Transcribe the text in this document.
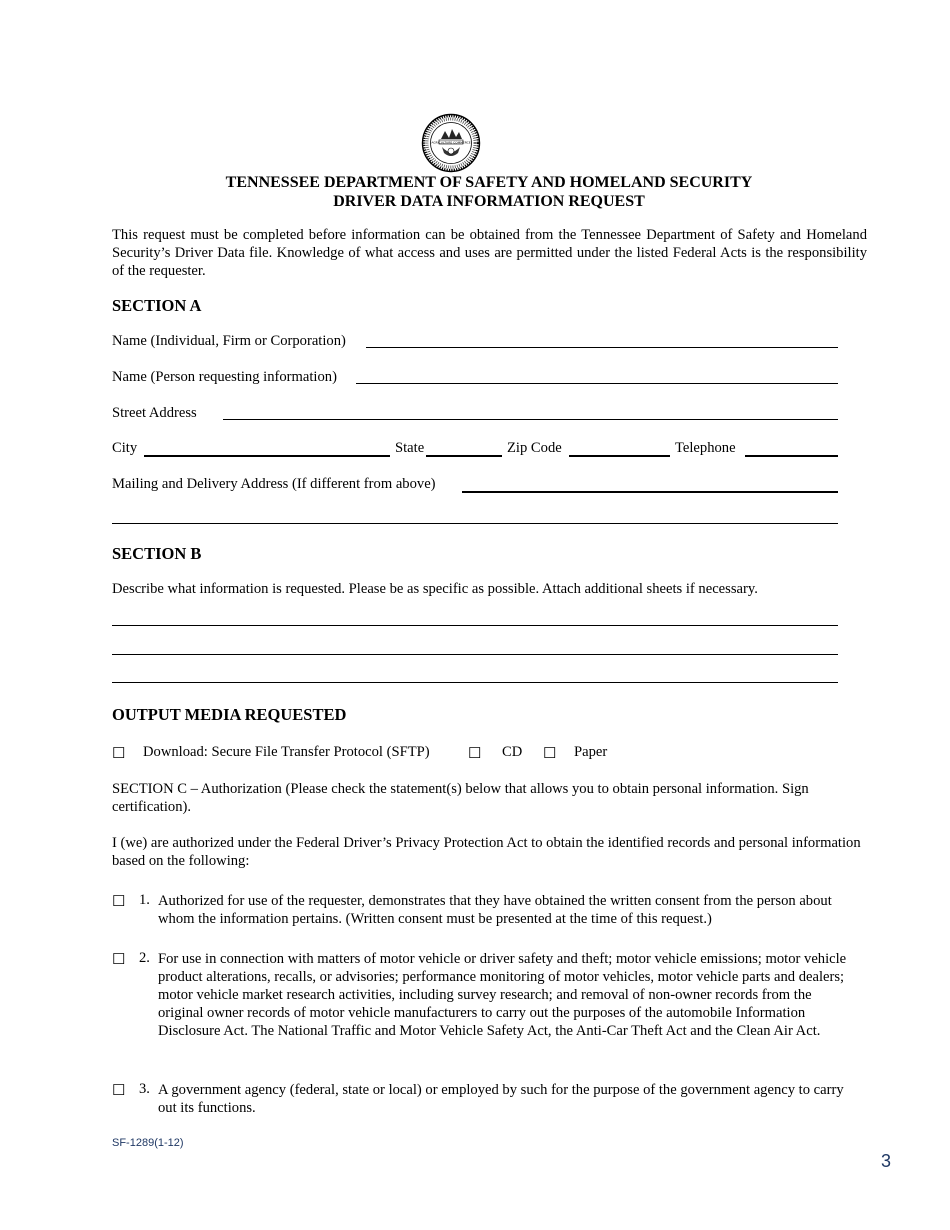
AGRICULTURE COMMERCE
TENNESSEE DEPARTMENT OF SAFETY AND HOMELAND SECURITY
DRIVER DATA INFORMATION REQUEST
This request must be completed before information can be obtained from the Tennessee Department of Safety and Homeland Security’s Driver Data file. Knowledge of what access and uses are permitted under the listed Federal Acts is the responsibility of the requester.
SECTION A
Name (Individual, Firm or Corporation)
Name (Person requesting information)
Street Address
City	State	Zip Code	Telephone
Mailing and Delivery Address (If different from above)
SECTION B
Describe what information is requested. Please be as specific as possible. Attach additional sheets if necessary.
OUTPUT MEDIA REQUESTED
☐ Download: Secure File Transfer Protocol (SFTP)	☐ CD ☐ Paper
SECTION C – Authorization (Please check the statement(s) below that allows you to obtain personal information. Sign certification).
I (we) are authorized under the Federal Driver’s Privacy Protection Act to obtain the identified records and personal information based on the following:
☐ 1. Authorized for use of the requester, demonstrates that they have obtained the written consent from the person about whom the information pertains. (Written consent must be presented at the time of this request.)
☐ 2. For use in connection with matters of motor vehicle or driver safety and theft; motor vehicle emissions; motor vehicle product alterations, recalls, or advisories; performance monitoring of motor vehicles, motor vehicle parts and dealers; motor vehicle market research activities, including survey research; and removal of non-owner records from the original owner records of motor vehicle manufacturers to carry out the purposes of the automobile Information Disclosure Act. The National Traffic and Motor Vehicle Safety Act, the Anti-Car Theft Act and the Clean Air Act.
☐ 3. A government agency (federal, state or local) or employed by such for the purpose of the government agency to carry out its functions.
SF-1289(1-12)
3
